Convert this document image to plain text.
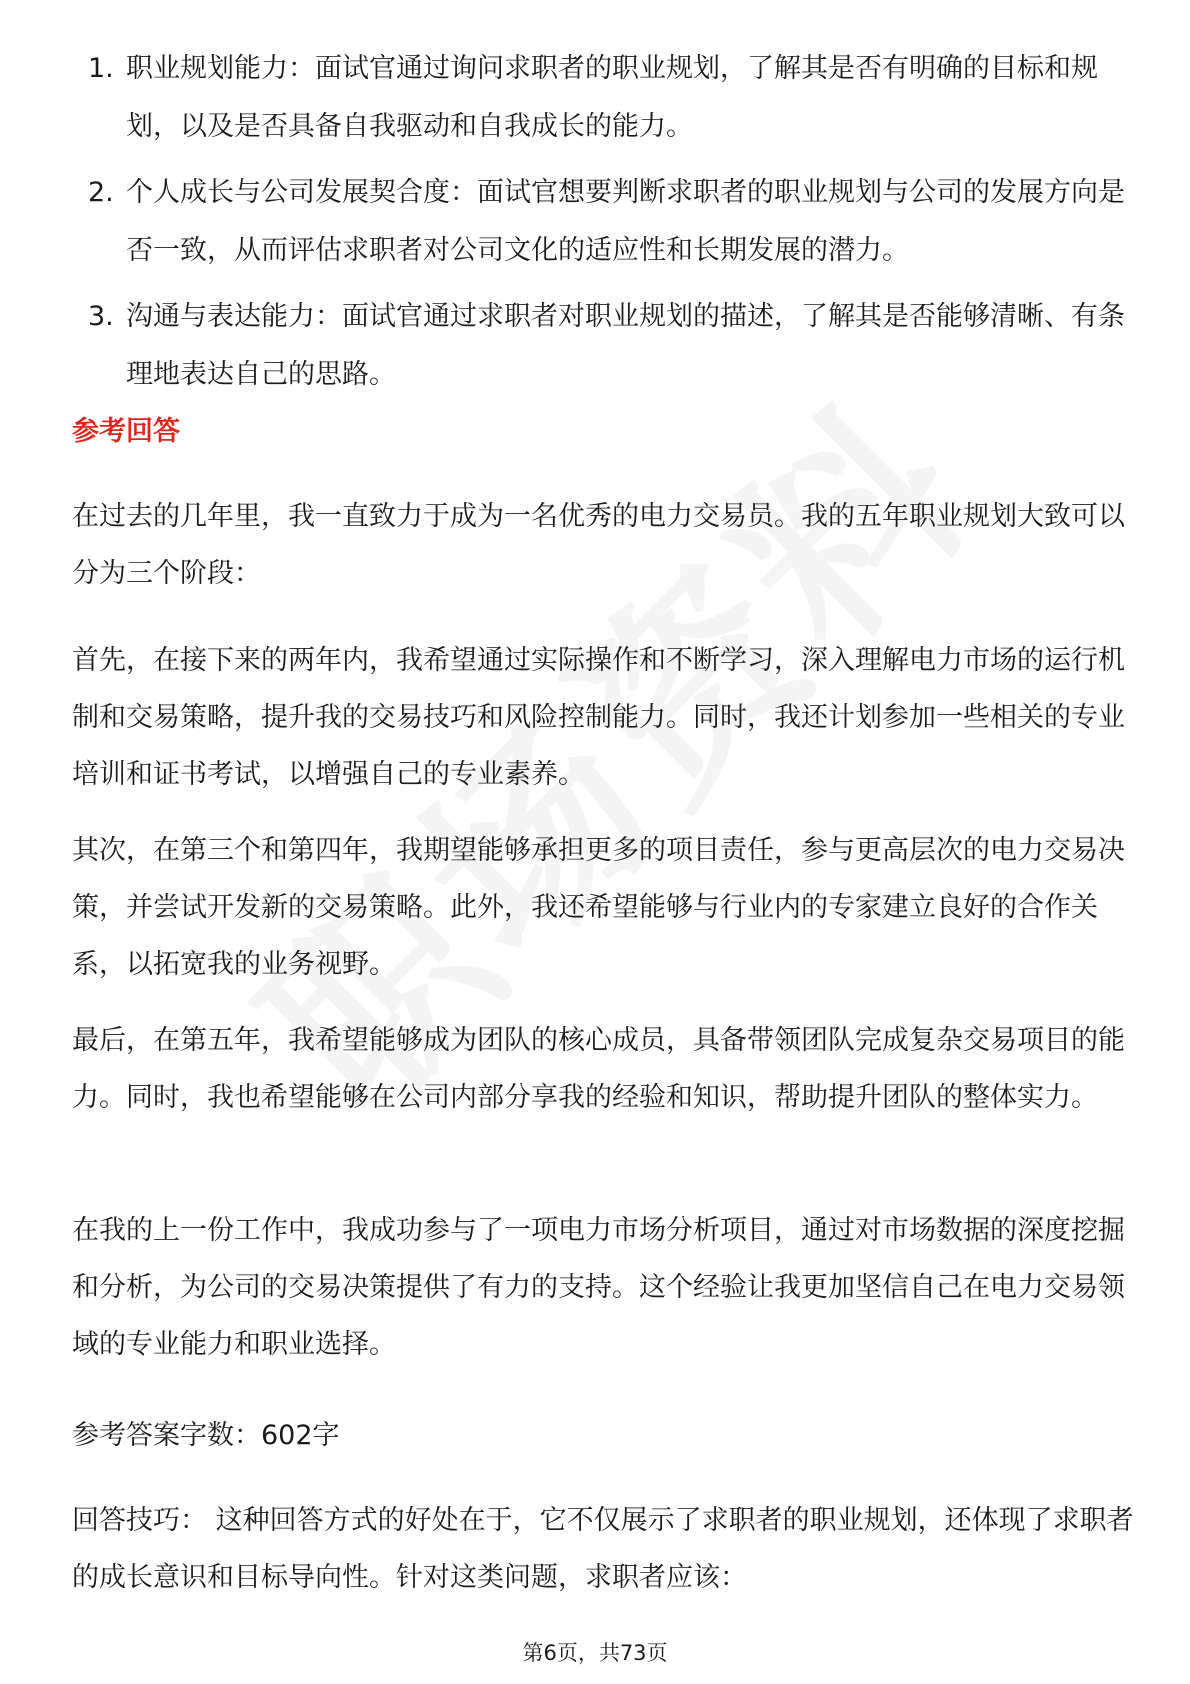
1. 职业规划能力：面试官通过询问求职者的职业规划，了解其是否有明确的目标和规划，以及是否具备自我驱动和自我成长的能力。
2. 个人成长与公司发展契合度：面试官想要判断求职者的职业规划与公司的发展方向是否一致，从而评估求职者对公司文化的适应性和长期发展的潜力。
3. 沟通与表达能力：面试官通过求职者对职业规划的描述，了解其是否能够清晰、有条理地表达自己的思路。
参考回答

在过去的几年里，我一直致力于成为一名优秀的电力交易员。我的五年职业规划大致可以分为三个阶段：

首先，在接下来的两年内，我希望通过实际操作和不断学习，深入理解电力市场的运行机制和交易策略，提升我的交易技巧和风险控制能力。同时，我还计划参加一些相关的专业培训和证书考试，以增强自己的专业素养。

其次，在第三个和第四年，我期望能够承担更多的项目责任，参与更高层次的电力交易决策，并尝试开发新的交易策略。此外，我还希望能够与行业内的专家建立良好的合作关系，以拓宽我的业务视野。

最后，在第五年，我希望能够成为团队的核心成员，具备带领团队完成复杂交易项目的能力。同时，我也希望能够在公司内部分享我的经验和知识，帮助提升团队的整体实力。

在我的上一份工作中，我成功参与了一项电力市场分析项目，通过对市场数据的深度挖掘和分析，为公司的交易决策提供了有力的支持。这个经验让我更加坚信自己在电力交易领域的专业能力和职业选择。

参考答案字数：602字

回答技巧： 这种回答方式的好处在于，它不仅展示了求职者的职业规划，还体现了求职者的成长意识和目标导向性。针对这类问题，求职者应该：

第6页，共73页
